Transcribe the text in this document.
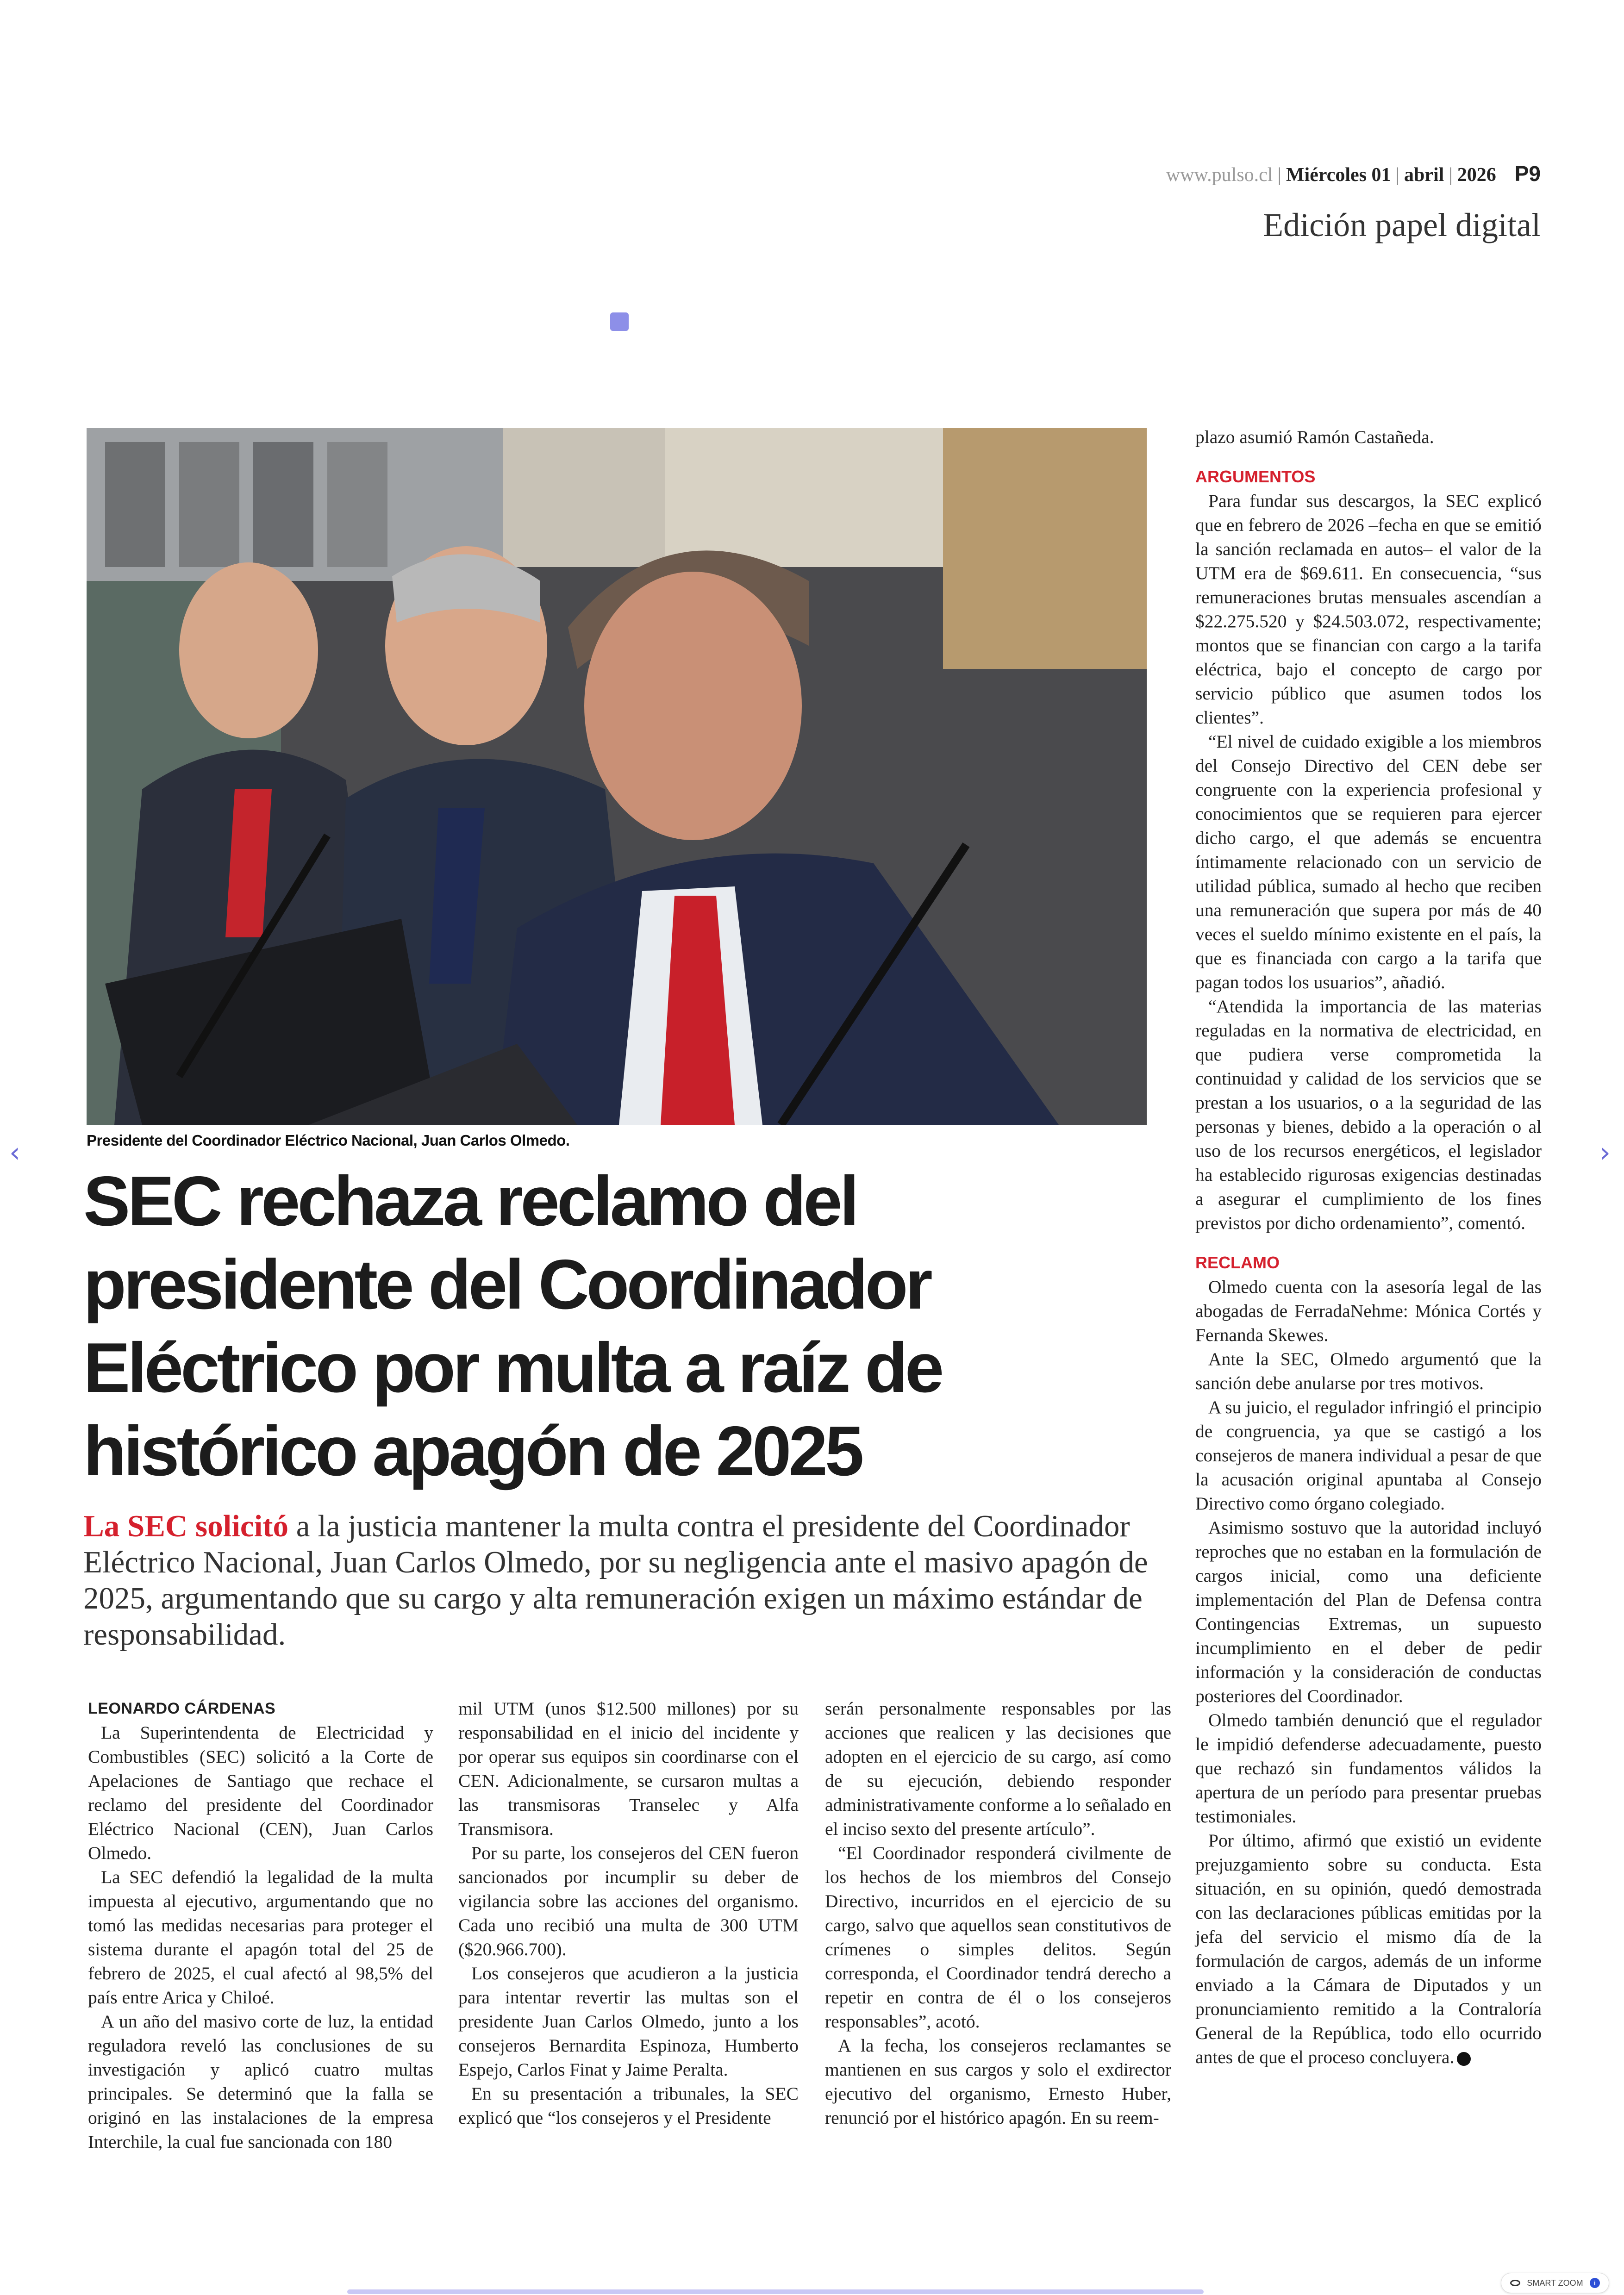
www.pulso.cl | Miércoles 01 | abril | 2026 P9
Edición papel digital
Presidente del Coordinador Eléctrico Nacional, Juan Carlos Olmedo.
SEC rechaza reclamo del
presidente del Coordinador
Eléctrico por multa a raíz de
histórico apagón de 2025
La SEC solicitó a la justicia mantener la multa contra el presidente del Coordinador Eléctrico Nacional, Juan Carlos Olmedo, por su negligencia ante el masivo apagón de 2025, argumentando que su cargo y alta remuneración exigen un máximo estándar de responsabilidad.
LEONARDO CÁRDENAS

La Superintendenta de Electricidad y Combustibles (SEC) solicitó a la Corte de Apelaciones de Santiago que rechace el reclamo del presidente del Coordinador Eléctrico Nacional (CEN), Juan Carlos Olmedo.

La SEC defendió la legalidad de la multa impuesta al ejecutivo, argumentando que no tomó las medidas necesarias para proteger el sistema durante el apagón total del 25 de febrero de 2025, el cual afectó al 98,5% del país entre Arica y Chiloé.

A un año del masivo corte de luz, la entidad reguladora reveló las conclusiones de su investigación y aplicó cuatro multas principales. Se determinó que la falla se originó en las instalaciones de la empresa Interchile, la cual fue sancionada con 180

mil UTM (unos $12.500 millones) por su responsabilidad en el inicio del incidente y por operar sus equipos sin coordinarse con el CEN. Adicionalmente, se cursaron multas a las transmisoras Transelec y Alfa Transmisora.

Por su parte, los consejeros del CEN fueron sancionados por incumplir su deber de vigilancia sobre las acciones del organismo. Cada uno recibió una multa de 300 UTM ($20.966.700).

Los consejeros que acudieron a la justicia para intentar revertir las multas son el presidente Juan Carlos Olmedo, junto a los consejeros Bernardita Espinoza, Humberto Espejo, Carlos Finat y Jaime Peralta.

En su presentación a tribunales, la SEC explicó que “los consejeros y el Presidente

serán personalmente responsables por las acciones que realicen y las decisiones que adopten en el ejercicio de su cargo, así como de su ejecución, debiendo responder administrativamente conforme a lo señalado en el inciso sexto del presente artículo”.

“El Coordinador responderá civilmente de los hechos de los miembros del Consejo Directivo, incurridos en el ejercicio de su cargo, salvo que aquellos sean constitutivos de crímenes o simples delitos. Según corresponda, el Coordinador tendrá derecho a repetir en contra de él o los consejeros responsables”, acotó.

A la fecha, los consejeros reclamantes se mantienen en sus cargos y solo el exdirector ejecutivo del organismo, Ernesto Huber, renunció por el histórico apagón. En su reem-

plazo asumió Ramón Castañeda.

ARGUMENTOS

Para fundar sus descargos, la SEC explicó que en febrero de 2026 –fecha en que se emitió la sanción reclamada en autos– el valor de la UTM era de $69.611. En consecuencia, “sus remuneraciones brutas mensuales ascendían a $22.275.520 y $24.503.072, respectivamente; montos que se financian con cargo a la tarifa eléctrica, bajo el concepto de cargo por servicio público que asumen todos los clientes”.

“El nivel de cuidado exigible a los miembros del Consejo Directivo del CEN debe ser congruente con la experiencia profesional y conocimientos que se requieren para ejercer dicho cargo, el que además se encuentra íntimamente relacionado con un servicio de utilidad pública, sumado al hecho que reciben una remuneración que supera por más de 40 veces el sueldo mínimo existente en el país, la que es financiada con cargo a la tarifa que pagan todos los usuarios”, añadió.

“Atendida la importancia de las materias reguladas en la normativa de electricidad, en que pudiera verse comprometida la continuidad y calidad de los servicios que se prestan a los usuarios, o a la seguridad de las personas y bienes, debido a la operación o al uso de los recursos energéticos, el legislador ha establecido rigurosas exigencias destinadas a asegurar el cumplimiento de los fines previstos por dicho ordenamiento”, comentó.

RECLAMO

Olmedo cuenta con la asesoría legal de las abogadas de FerradaNehme: Mónica Cortés y Fernanda Skewes.

Ante la SEC, Olmedo argumentó que la sanción debe anularse por tres motivos.

A su juicio, el regulador infringió el principio de congruencia, ya que se castigó a los consejeros de manera individual a pesar de que la acusación original apuntaba al Consejo Directivo como órgano colegiado.

Asimismo sostuvo que la autoridad incluyó reproches que no estaban en la formulación de cargos inicial, como una deficiente implementación del Plan de Defensa contra Contingencias Extremas, un supuesto incumplimiento en el deber de pedir información y la consideración de conductas posteriores del Coordinador.

Olmedo también denunció que el regulador le impidió defenderse adecuadamente, puesto que rechazó sin fundamentos válidos la apertura de un período para presentar pruebas testimoniales.

Por último, afirmó que existió un evidente prejuzgamiento sobre su conducta. Esta situación, en su opinión, quedó demostrada con las declaraciones públicas emitidas por la jefa del servicio el mismo día de la formulación de cargos, además de un informe enviado a la Cámara de Diputados y un pronunciamiento remitido a la Contraloría General de la República, todo ello ocurrido antes de que el proceso concluyera.

‹	›
SMART ZOOM	i
